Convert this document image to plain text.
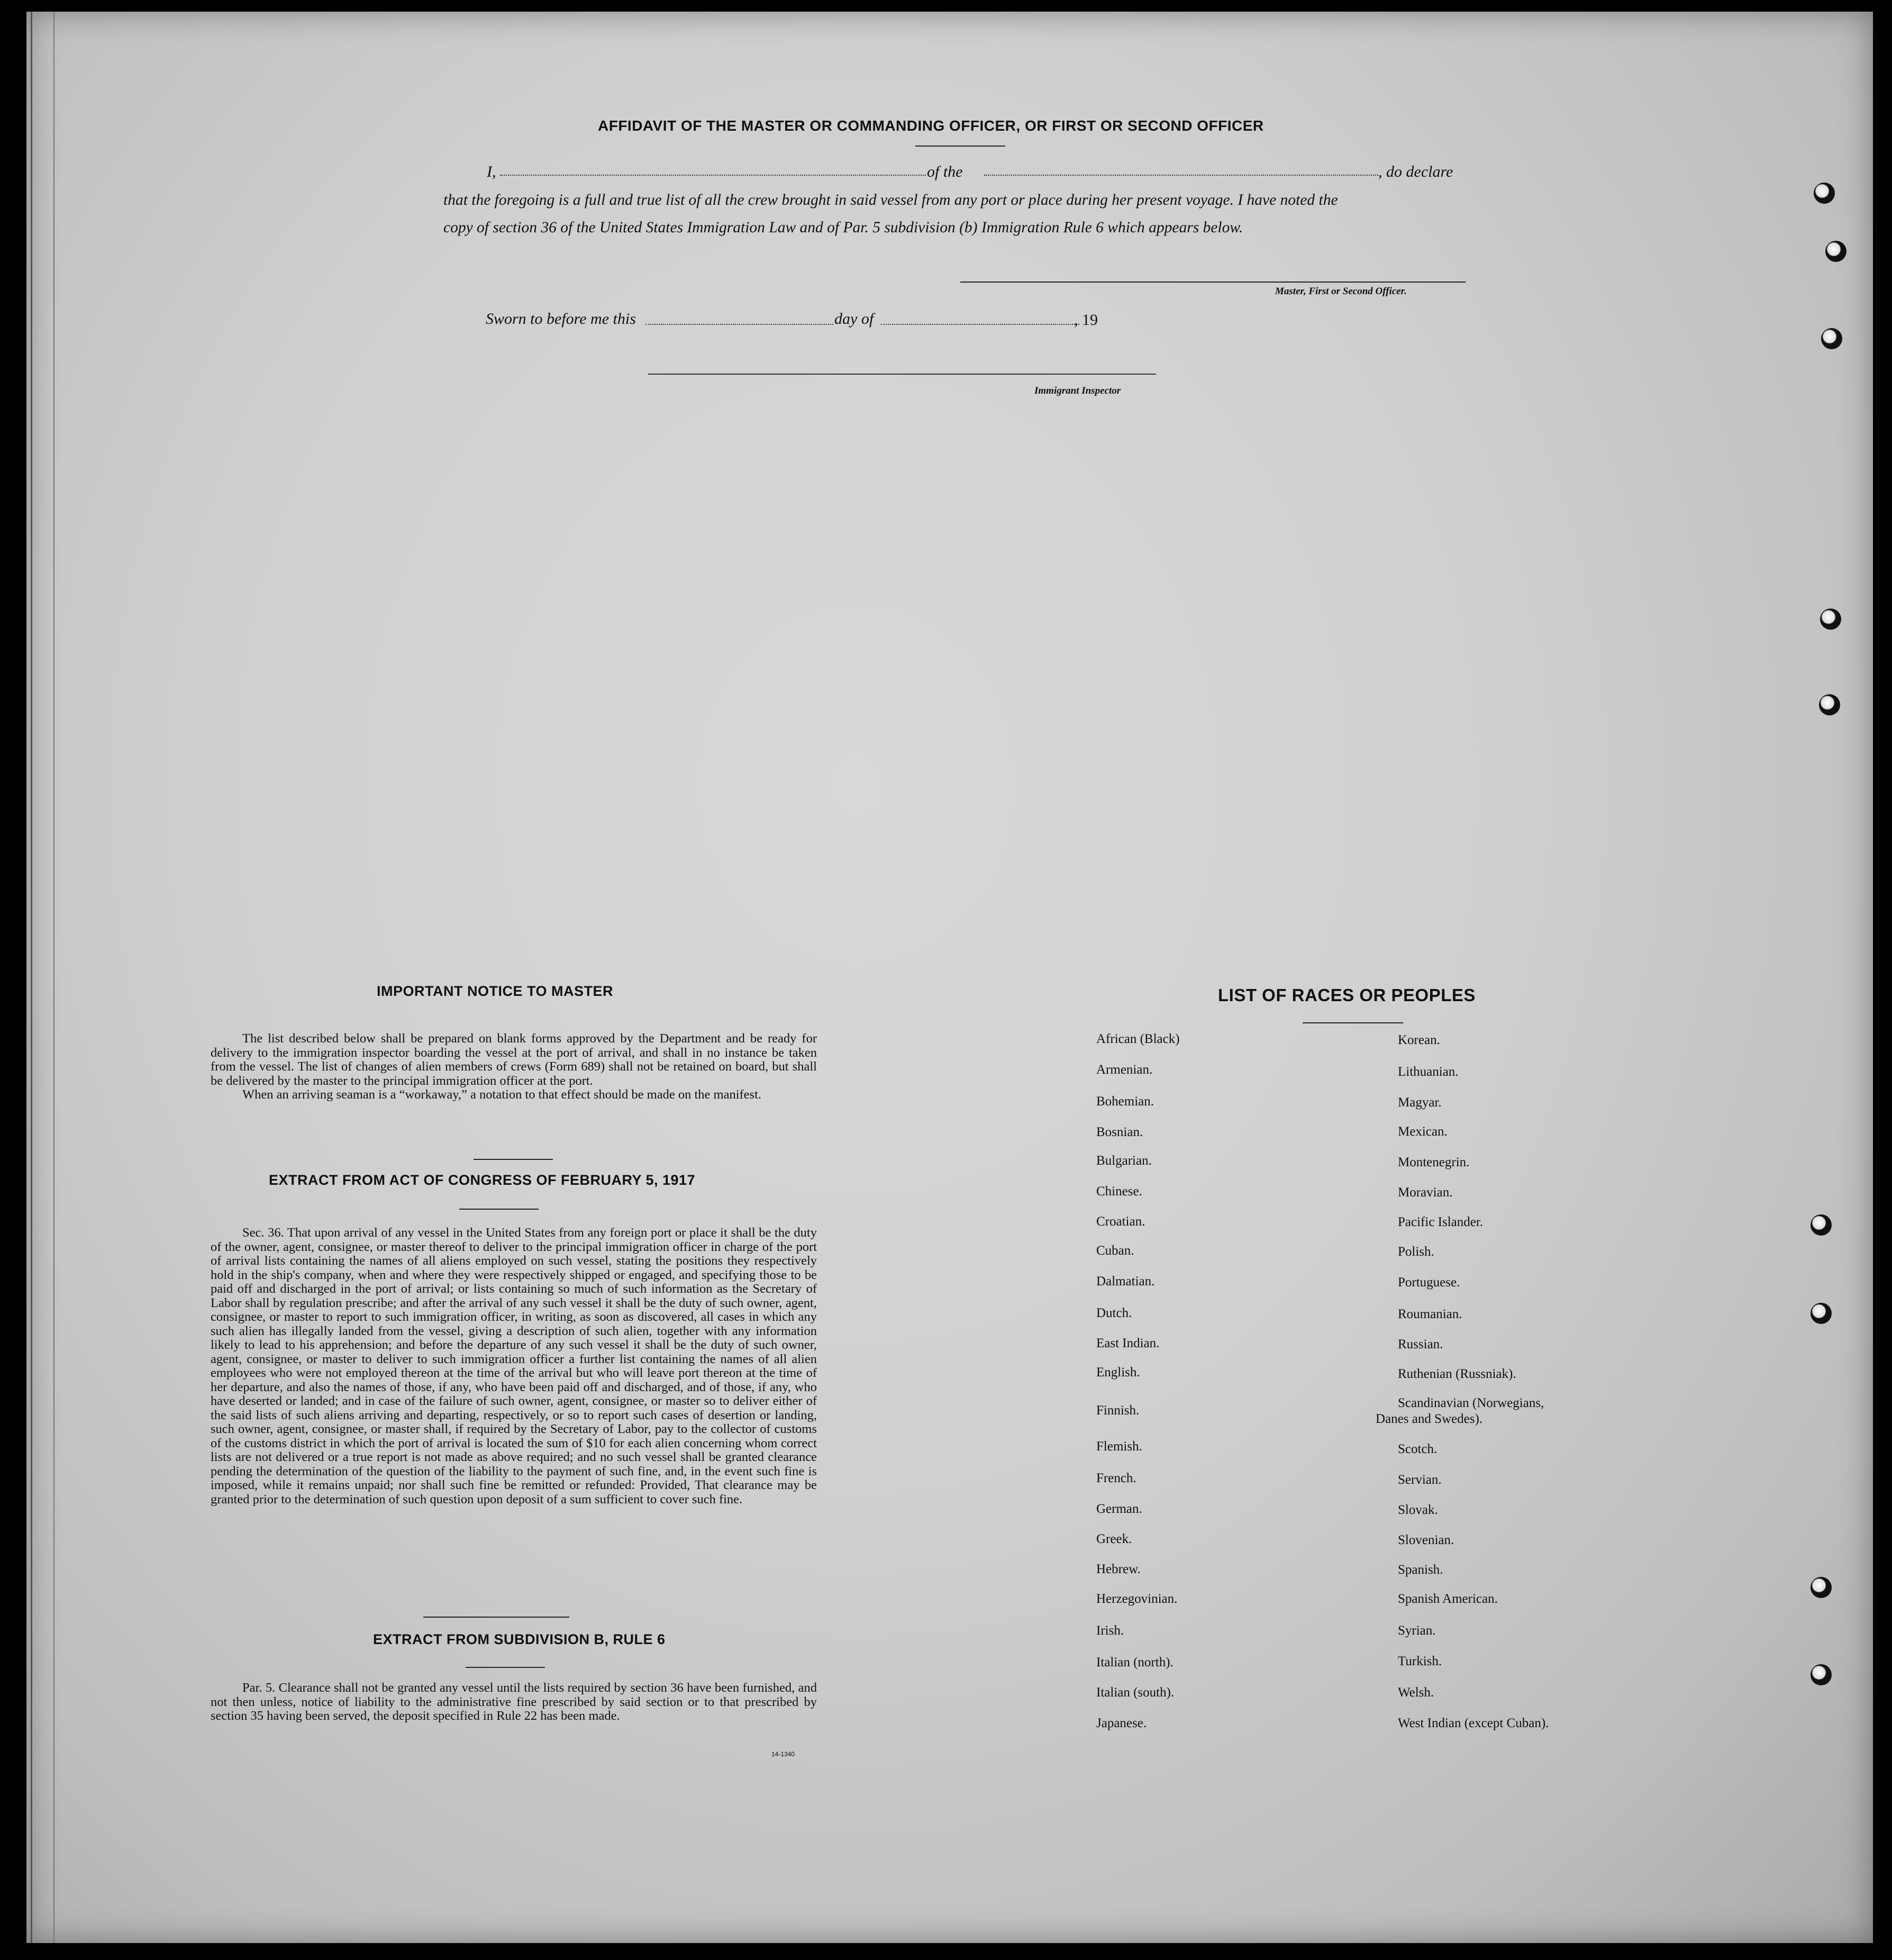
AFFIDAVIT OF THE MASTER OR COMMANDING OFFICER, OR FIRST OR SECOND OFFICER
I,	of the	, do declare
that the foregoing is a full and true list of all the crew brought in said vessel from any port or place during her present voyage. I have noted the
copy of section 36 of the United States Immigration Law and of Par. 5 subdivision (b) Immigration Rule 6 which appears below.
Master, First or Second Officer.
Sworn to before me this	day of	, 19
Immigrant Inspector
IMPORTANT NOTICE TO MASTER

The list described below shall be prepared on blank forms approved by the Department and be ready for delivery to the immigration inspector boarding the vessel at the port of arrival, and shall in no instance be taken from the vessel. The list of changes of alien members of crews (Form 689) shall not be retained on board, but shall be delivered by the master to the principal immigration officer at the port.

When an arriving seaman is a “workaway,” a notation to that effect should be made on the manifest.

EXTRACT FROM ACT OF CONGRESS OF FEBRUARY 5, 1917

Sec. 36. That upon arrival of any vessel in the United States from any foreign port or place it shall be the duty of the owner, agent, consignee, or master thereof to deliver to the principal immigration officer in charge of the port of arrival lists containing the names of all aliens employed on such vessel, stating the positions they respectively hold in the ship's company, when and where they were respectively shipped or engaged, and specifying those to be paid off and discharged in the port of arrival; or lists containing so much of such information as the Secretary of Labor shall by regulation prescribe; and after the arrival of any such vessel it shall be the duty of such owner, agent, consignee, or master to report to such immigration officer, in writing, as soon as discovered, all cases in which any such alien has illegally landed from the vessel, giving a description of such alien, together with any information likely to lead to his apprehension; and before the departure of any such vessel it shall be the duty of such owner, agent, consignee, or master to deliver to such immigration officer a further list containing the names of all alien employees who were not employed thereon at the time of the arrival but who will leave port thereon at the time of her departure, and also the names of those, if any, who have been paid off and discharged, and of those, if any, who have deserted or landed; and in case of the failure of such owner, agent, consignee, or master so to deliver either of the said lists of such aliens arriving and departing, respectively, or so to report such cases of desertion or landing, such owner, agent, consignee, or master shall, if required by the Secretary of Labor, pay to the collector of customs of the customs district in which the port of arrival is located the sum of $10 for each alien concerning whom correct lists are not delivered or a true report is not made as above required; and no such vessel shall be granted clearance pending the determination of the question of the liability to the payment of such fine, and, in the event such fine is imposed, while it remains unpaid; nor shall such fine be remitted or refunded: Provided, That clearance may be granted prior to the determination of such question upon deposit of a sum sufficient to cover such fine.

EXTRACT FROM SUBDIVISION B, RULE 6

Par. 5. Clearance shall not be granted any vessel until the lists required by section 36 have been furnished, and not then unless, notice of liability to the administrative fine prescribed by said section or to that prescribed by section 35 having been served, the deposit specified in Rule 22 has been made.

14-1340
LIST OF RACES OR PEOPLES
African (Black)
Armenian.
Bohemian.
Bosnian.
Bulgarian.
Chinese.
Croatian.
Cuban.
Dalmatian.
Dutch.
East Indian.
English.
Finnish.
Flemish.
French.
German.
Greek.
Hebrew.
Herzegovinian.
Irish.
Italian (north).
Italian (south).
Japanese.
Korean.
Lithuanian.
Magyar.
Mexican.
Montenegrin.
Moravian.
Pacific Islander.
Polish.
Portuguese.
Roumanian.
Russian.
Ruthenian (Russniak).
Scandinavian (Norwegians,
Danes and Swedes).
Scotch.
Servian.
Slovak.
Slovenian.
Spanish.
Spanish American.
Syrian.
Turkish.
Welsh.
West Indian (except Cuban).
